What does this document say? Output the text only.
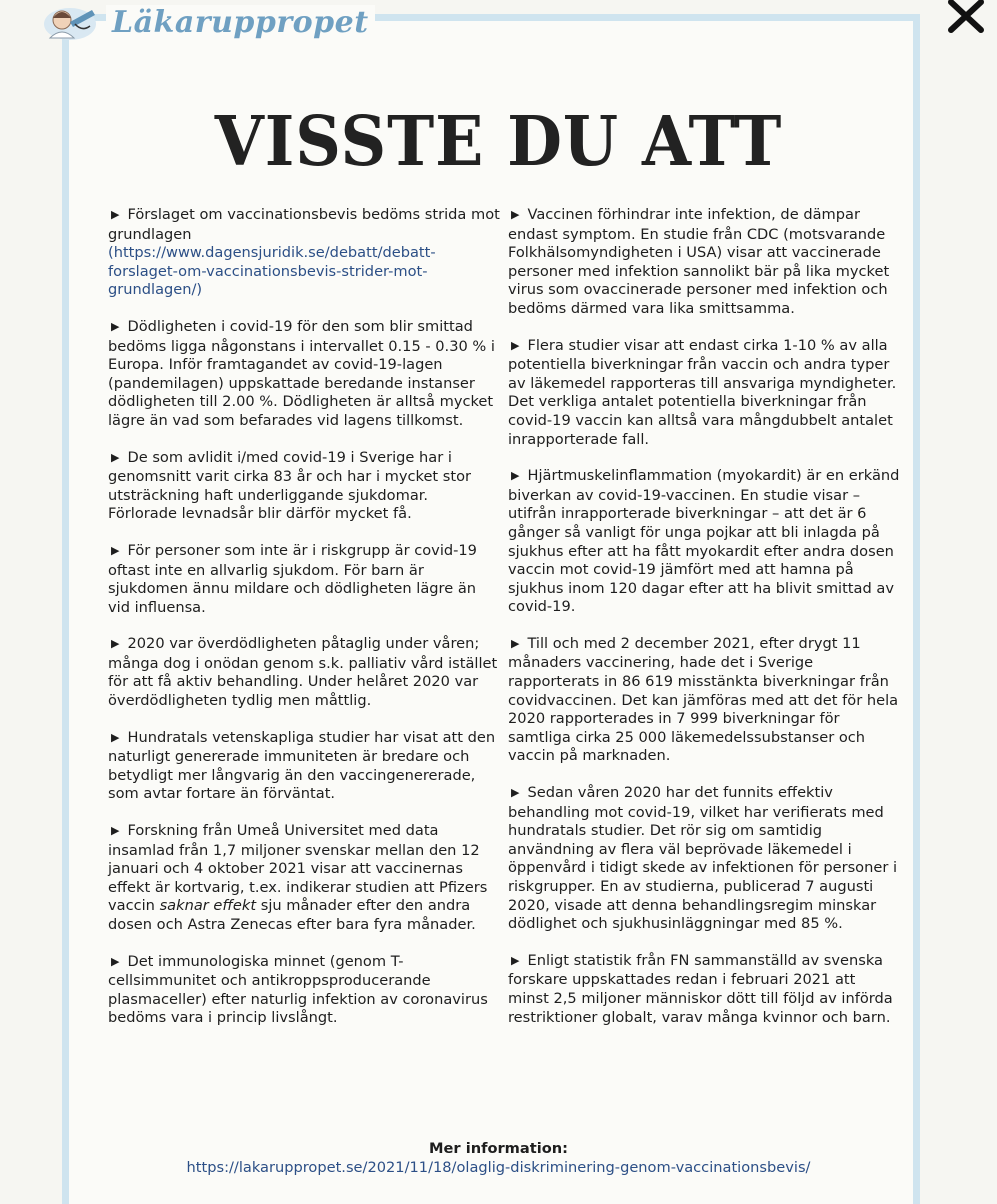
Läkaruppropet
VISSTE DU ATT

▶ Förslaget om vaccinationsbevis bedöms strida mot grundlagen
(https://www.dagensjuridik.se/debatt/debatt-forslaget-om-vaccinationsbevis-strider-mot-grundlagen/)

▶ Dödligheten i covid-19 för den som blir smittad bedöms ligga någonstans i intervallet 0.15 - 0.30 % i Europa. Inför framtagandet av covid-19-lagen (pandemilagen) uppskattade beredande instanser dödligheten till 2.00 %. Dödligheten är alltså mycket lägre än vad som befarades vid lagens tillkomst.

▶ De som avlidit i/med covid-19 i Sverige har i genomsnitt varit cirka 83 år och har i mycket stor utsträckning haft underliggande sjukdomar. Förlorade levnadsår blir därför mycket få.

▶ För personer som inte är i riskgrupp är covid-19 oftast inte en allvarlig sjukdom. För barn är sjukdomen ännu mildare och dödligheten lägre än vid influensa.

▶ 2020 var överdödligheten påtaglig under våren; många dog i onödan genom s.k. palliativ vård istället för att få aktiv behandling. Under helåret 2020 var överdödligheten tydlig men måttlig.

▶ Hundratals vetenskapliga studier har visat att den naturligt genererade immuniteten är bredare och betydligt mer långvarig än den vaccingenererade, som avtar fortare än förväntat.

▶ Forskning från Umeå Universitet med data insamlad från 1,7 miljoner svenskar mellan den 12 januari och 4 oktober 2021 visar att vaccinernas effekt är kortvarig, t.ex. indikerar studien att Pfizers vaccin saknar effekt sju månader efter den andra dosen och Astra Zenecas efter bara fyra månader.

▶ Det immunologiska minnet (genom T-cellsimmunitet och antikroppsproducerande plasmaceller) efter naturlig infektion av coronavirus bedöms vara i princip livslångt.

▶ Vaccinen förhindrar inte infektion, de dämpar endast symptom. En studie från CDC (motsvarande Folkhälsomyndigheten i USA) visar att vaccinerade personer med infektion sannolikt bär på lika mycket virus som ovaccinerade personer med infektion och bedöms därmed vara lika smittsamma.

▶ Flera studier visar att endast cirka 1-10 % av alla potentiella biverkningar från vaccin och andra typer av läkemedel rapporteras till ansvariga myndigheter. Det verkliga antalet potentiella biverkningar från covid-19 vaccin kan alltså vara mångdubbelt antalet inrapporterade fall.

▶ Hjärtmuskelinflammation (myokardit) är en erkänd biverkan av covid-19-vaccinen. En studie visar – utifrån inrapporterade biverkningar – att det är 6 gånger så vanligt för unga pojkar att bli inlagda på sjukhus efter att ha fått myokardit efter andra dosen vaccin mot covid-19 jämfört med att hamna på sjukhus inom 120 dagar efter att ha blivit smittad av covid-19.

▶ Till och med 2 december 2021, efter drygt 11 månaders vaccinering, hade det i Sverige rapporterats in 86 619 misstänkta biverkningar från covidvaccinen. Det kan jämföras med att det för hela 2020 rapporterades in 7 999 biverkningar för samtliga cirka 25 000 läkemedelssubstanser och vaccin på marknaden.

▶ Sedan våren 2020 har det funnits effektiv behandling mot covid-19, vilket har verifierats med hundratals studier. Det rör sig om samtidig användning av flera väl beprövade läkemedel i öppenvård i tidigt skede av infektionen för personer i riskgrupper. En av studierna, publicerad 7 augusti 2020, visade att denna behandlingsregim minskar dödlighet och sjukhusinläggningar med 85 %.

▶ Enligt statistik från FN sammanställd av svenska forskare uppskattades redan i februari 2021 att minst 2,5 miljoner människor dött till följd av införda restriktioner globalt, varav många kvinnor och barn.

Mer information:
https://lakaruppropet.se/2021/11/18/olaglig-diskriminering-genom-vaccinationsbevis/
